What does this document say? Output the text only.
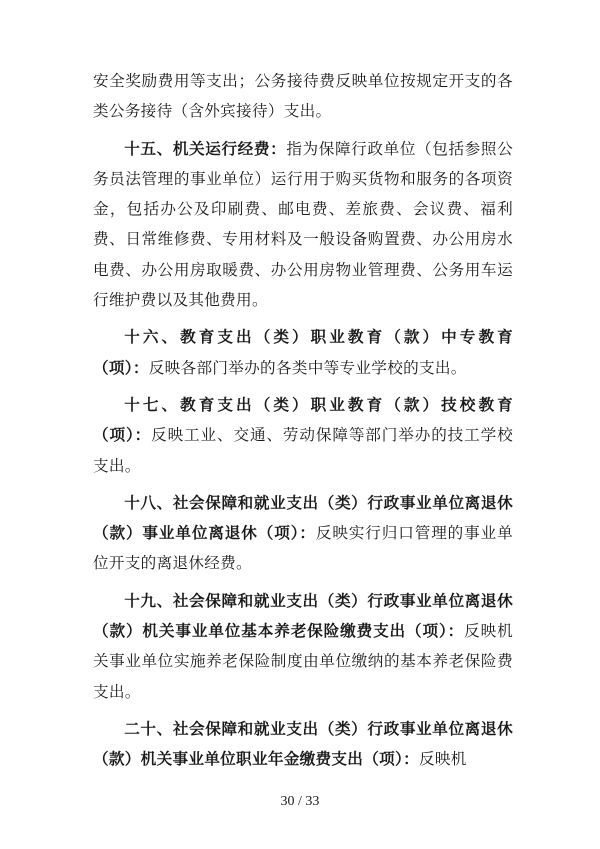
安全奖励费用等支出；公务接待费反映单位按规定开支的各类公务接待（含外宾接待）支出。

十五、机关运行经费：指为保障行政单位（包括参照公务员法管理的事业单位）运行用于购买货物和服务的各项资金，包括办公及印刷费、邮电费、差旅费、会议费、福利费、日常维修费、专用材料及一般设备购置费、办公用房水电费、办公用房取暖费、办公用房物业管理费、公务用车运行维护费以及其他费用。

十六、教育支出（类）职业教育（款）中专教育（项）：反映各部门举办的各类中等专业学校的支出。

十七、教育支出（类）职业教育（款）技校教育（项）：反映工业、交通、劳动保障等部门举办的技工学校支出。

十八、社会保障和就业支出（类）行政事业单位离退休（款）事业单位离退休（项）：反映实行归口管理的事业单位开支的离退休经费。

十九、社会保障和就业支出（类）行政事业单位离退休（款）机关事业单位基本养老保险缴费支出（项）：反映机关事业单位实施养老保险制度由单位缴纳的基本养老保险费支出。

二十、社会保障和就业支出（类）行政事业单位离退休（款）机关事业单位职业年金缴费支出（项）：反映机

30 / 33
